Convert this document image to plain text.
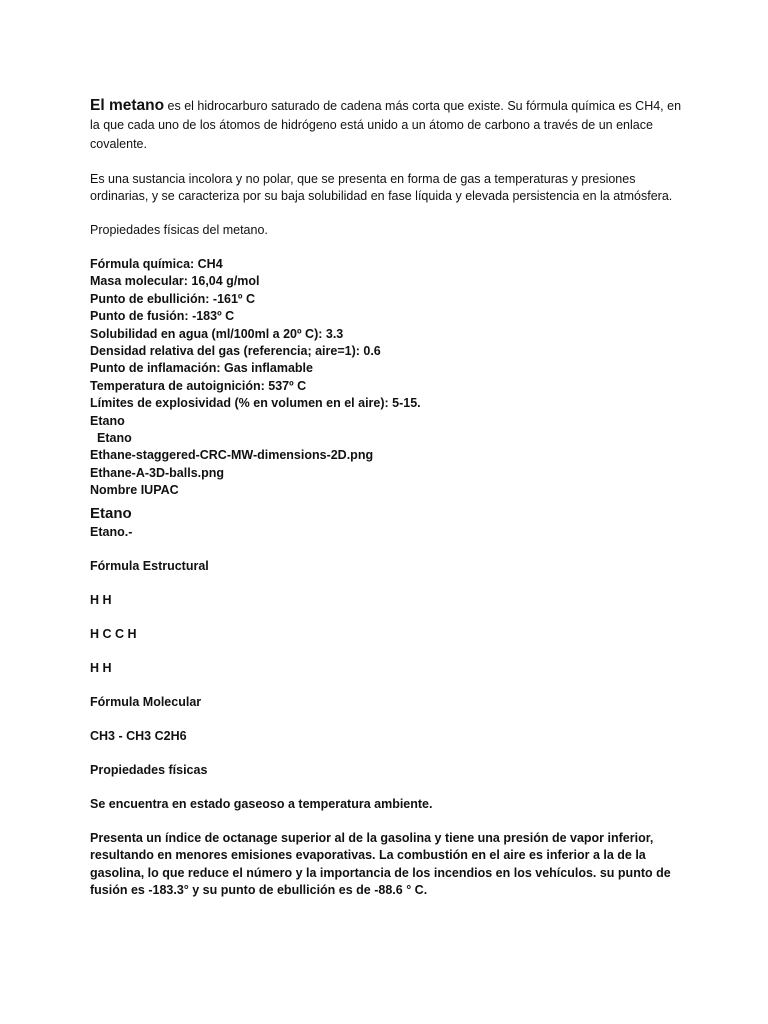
El metano es el hidrocarburo saturado de cadena más corta que existe. Su fórmula química es CH4, en la que cada uno de los átomos de hidrógeno está unido a un átomo de carbono a través de un enlace covalente.

Es una sustancia incolora y no polar, que se presenta en forma de gas a temperaturas y presiones ordinarias, y se caracteriza por su baja solubilidad en fase líquida y elevada persistencia en la atmósfera.

Propiedades físicas del metano.

Fórmula química: CH4
Masa molecular: 16,04 g/mol
Punto de ebullición: -161º C
Punto de fusión: -183º C
Solubilidad en agua (ml/100ml a 20º C): 3.3
Densidad relativa del gas (referencia; aire=1): 0.6
Punto de inflamación: Gas inflamable
Temperatura de autoignición: 537º C
Límites de explosividad (% en volumen en el aire): 5-15.
Etano
Etano
Ethane-staggered-CRC-MW-dimensions-2D.png
Ethane-A-3D-balls.png
Nombre IUPAC
Etano
Etano.-
Fórmula Estructural
H H
H C C H
H H
Fórmula Molecular
CH3 - CH3 C2H6
Propiedades físicas
Se encuentra en estado gaseoso a temperatura ambiente.

Presenta un índice de octanage superior al de la gasolina y tiene una presión de vapor inferior, resultando en menores emisiones evaporativas. La combustión en el aire es inferior a la de la gasolina, lo que reduce el número y la importancia de los incendios en los vehículos. su punto de fusión es -183.3° y su punto de ebullición es de -88.6 ° C.
